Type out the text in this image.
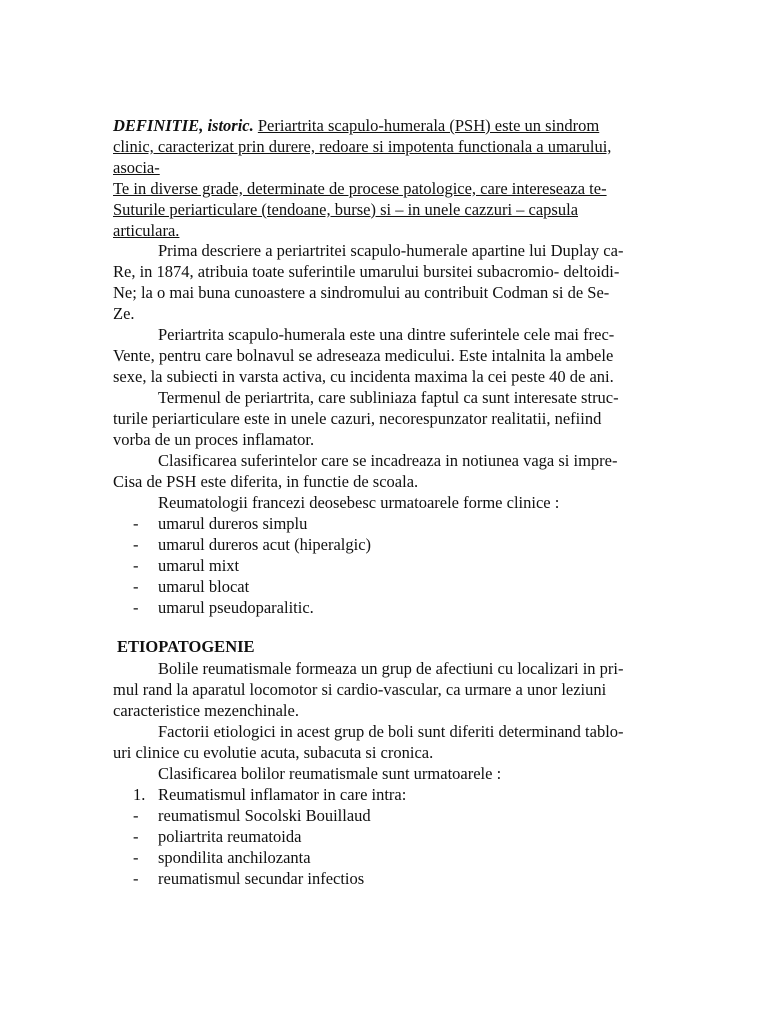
DEFINITIE, istoric. Periartrita scapulo-humerala (PSH) este un sindrom
clinic, caracterizat prin durere, redoare si impotenta functionala a umarului,
asocia-
Te in diverse grade, determinate de procese patologice, care intereseaza te-
Suturile periarticulare (tendoane, burse) si – in unele cazzuri – capsula
articulara.
Prima descriere a periartritei scapulo-humerale apartine lui Duplay ca-
Re, in 1874, atribuia toate suferintile umarului bursitei subacromio- deltoidi-
Ne; la o mai buna cunoastere a sindromului au contribuit Codman si de Se-
Ze.
Periartrita scapulo-humerala este una dintre suferintele cele mai frec-
Vente, pentru care bolnavul se adreseaza medicului. Este intalnita la ambele
sexe, la subiecti in varsta activa, cu incidenta maxima la cei peste 40 de ani.
Termenul de periartrita, care subliniaza faptul ca sunt interesate struc-
turile periarticulare este in unele cazuri, necorespunzator realitatii, nefiind
vorba de un proces inflamator.
Clasificarea suferintelor care se incadreaza in notiunea vaga si impre-
Cisa de PSH este diferita, in functie de scoala.
Reumatologii francezi deosebesc urmatoarele forme clinice :
- umarul dureros simplu
- umarul dureros acut (hiperalgic)
- umarul mixt
- umarul blocat
- umarul pseudoparalitic.
ETIOPATOGENIE
Bolile reumatismale formeaza un grup de afectiuni cu localizari in pri-
mul rand la aparatul locomotor si cardio-vascular, ca urmare a unor leziuni
caracteristice mezenchinale.
Factorii etiologici in acest grup de boli sunt diferiti determinand tablo-
uri clinice cu evolutie acuta, subacuta si cronica.
Clasificarea bolilor reumatismale sunt urmatoarele :
1. Reumatismul inflamator in care intra:
- reumatismul Socolski Bouillaud
- poliartrita reumatoida
- spondilita anchilozanta
- reumatismul secundar infectios
